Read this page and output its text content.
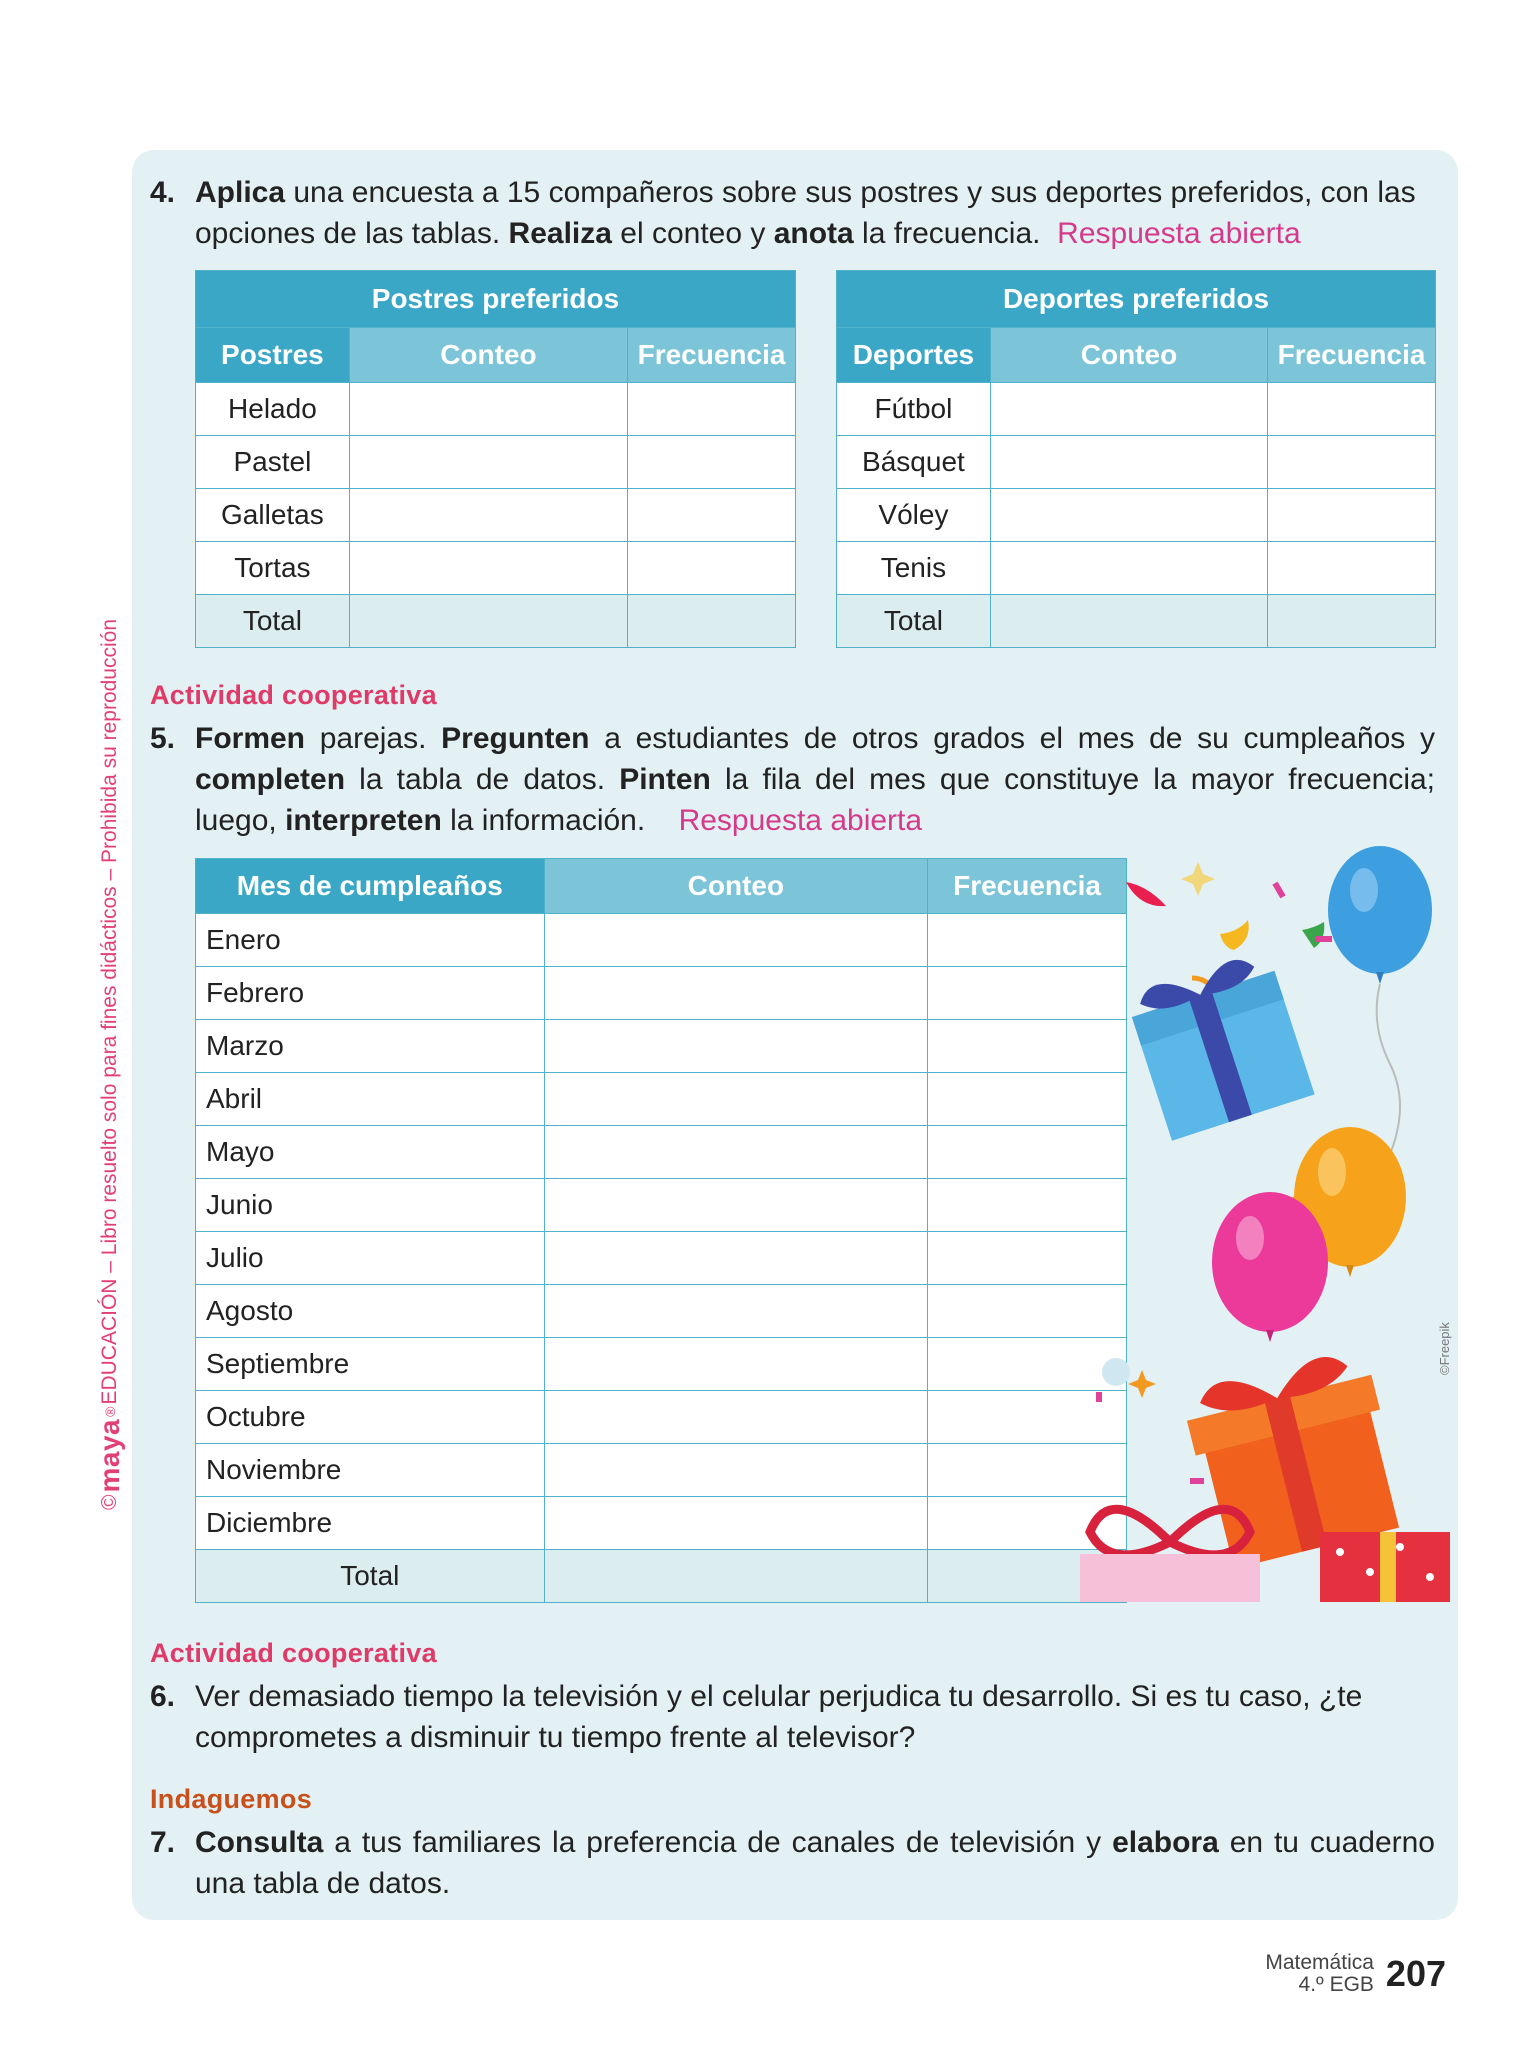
©
maya
®
EDUCACIÓN – Libro resuelto solo para fines didácticos – Prohibida su reproducción
4. Aplica una encuesta a 15 compañeros sobre sus postres y sus deportes preferidos, con las opciones de las tablas. Realiza el conteo y anota la frecuencia. Respuesta abierta
Postres preferidos		
Postres	Conteo	Frecuencia
Helado		
Pastel		
Galletas		
Tortas		
Total		
Deportes preferidos		
Deportes	Conteo	Frecuencia
Fútbol		
Básquet		
Vóley		
Tenis		
Total		
Actividad cooperativa
5. Formen parejas. Pregunten a estudiantes de otros grados el mes de su cumpleaños y completen la tabla de datos. Pinten la fila del mes que constituye la mayor frecuencia; luego, interpreten la información. Respuesta abierta
Mes de cumpleaños	Conteo	Frecuencia
Enero		
Febrero		
Marzo		
Abril		
Mayo		
Junio		
Julio		
Agosto		
Septiembre		
Octubre		
Noviembre		
Diciembre		
Total		
©Freepik
Actividad cooperativa
6. Ver demasiado tiempo la televisión y el celular perjudica tu desarrollo. Si es tu caso, ¿te comprometes a disminuir tu tiempo frente al televisor?
Indaguemos
7. Consulta a tus familiares la preferencia de canales de televisión y elabora en tu cuaderno una tabla de datos.
Matemática
4.º EGB 207
